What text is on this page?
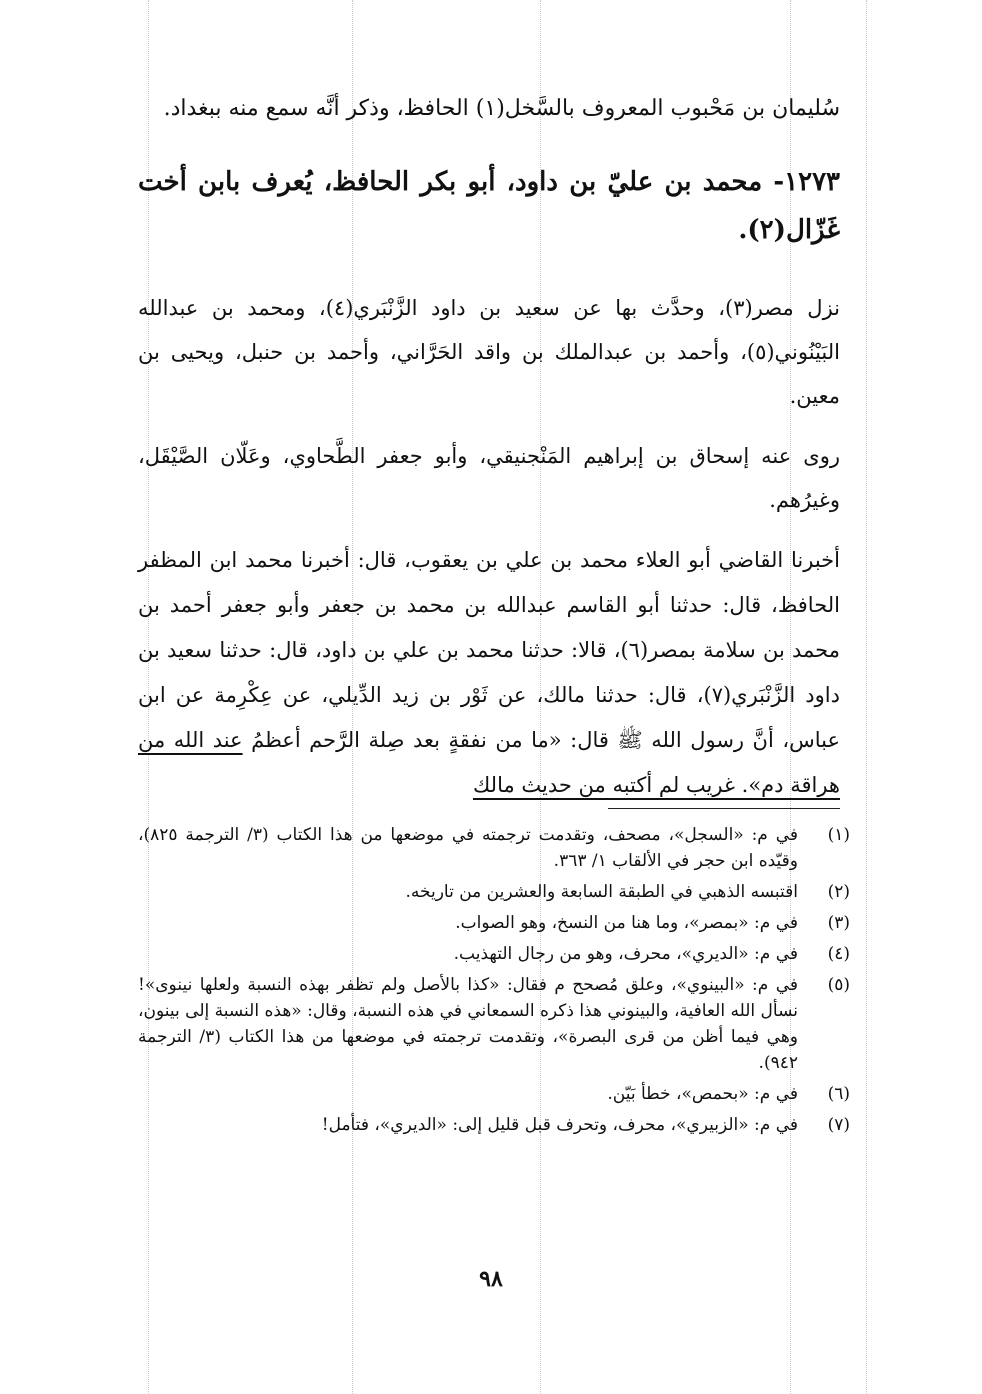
سُليمان بن مَحْبوب المعروف بالسَّخل(١) الحافظ، وذكر أنَّه سمع منه ببغداد.
١٢٧٣- محمد بن عليّ بن داود، أبو بكر الحافظ، يُعرف بابن أخت غَزّال(٢).
نزل مصر(٣)، وحدَّث بها عن سعيد بن داود الزَّنْبَري(٤)، ومحمد بن عبدالله البَيْنُوني(٥)، وأحمد بن عبدالملك بن واقد الحَرَّاني، وأحمد بن حنبل، ويحيى بن معين.
روى عنه إسحاق بن إبراهيم المَنْجنيقي، وأبو جعفر الطَّحاوي، وعَلّان الصَّيْقَل، وغيرُهم.
أخبرنا القاضي أبو العلاء محمد بن علي بن يعقوب، قال: أخبرنا محمد ابن المظفر الحافظ، قال: حدثنا أبو القاسم عبدالله بن محمد بن جعفر وأبو جعفر أحمد بن محمد بن سلامة بمصر(٦)، قالا: حدثنا محمد بن علي بن داود، قال: حدثنا سعيد بن داود الزَّنْبَري(٧)، قال: حدثنا مالك، عن ثَوْر بن زيد الدِّيلي، عن عِكْرِمة عن ابن عباس، أنَّ رسول الله ﷺ قال: «ما من نفقةٍ بعد صِلة الرَّحم أعظمُ عند الله من هراقة دم». غريب لم أكتبه من حديث مالك
(١)
في م: «السجل»، مصحف، وتقدمت ترجمته في موضعها من هذا الكتاب (٣/ الترجمة ٨٢٥)، وقيّده ابن حجر في الألقاب ١/ ٣٦٣.
(٢)
اقتبسه الذهبي في الطبقة السابعة والعشرين من تاريخه.
(٣)
في م: «بمصر»، وما هنا من النسخ، وهو الصواب.
(٤)
في م: «الديري»، محرف، وهو من رجال التهذيب.
(٥)
في م: «البينوي»، وعلق مُصحح م فقال: «كذا بالأصل ولم تظفر بهذه النسبة ولعلها نينوى»! نسأل الله العافية، والبينوني هذا ذكره السمعاني في هذه النسبة، وقال: «هذه النسبة إلى بينون، وهي فيما أظن من قرى البصرة»، وتقدمت ترجمته في موضعها من هذا الكتاب (٣/ الترجمة ٩٤٢).
(٦)
في م: «بحمص»، خطأ بَيّن.
(٧)
في م: «الزبيري»، محرف، وتحرف قبل قليل إلى: «الديري»، فتأمل!
٩٨
